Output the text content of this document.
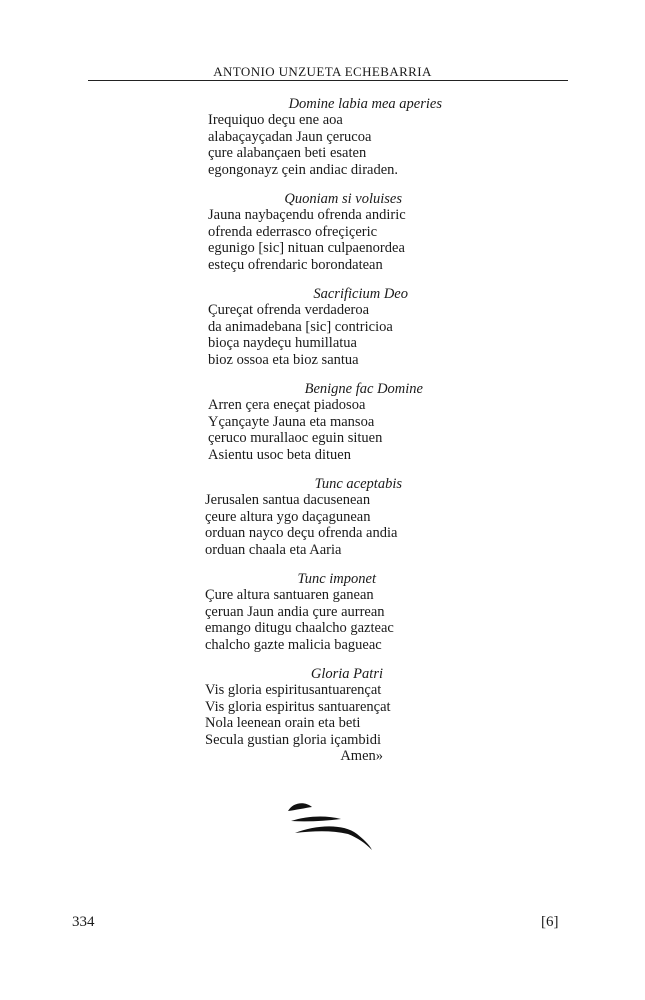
ANTONIO UNZUETA ECHEBARRIA
Domine labia mea aperies
Irequiquo deçu ene aoa
alabaçayçadan Jaun çerucoa
çure alabançaen beti esaten
egongonayz çein andiac diraden.
Quoniam si voluises
Jauna naybaçendu ofrenda andiric
ofrenda ederrasco ofreçiçeric
egunigo [sic] nituan culpaenordea
esteçu ofrendaric borondatean
Sacrificium Deo
Çureçat ofrenda verdaderoa
da animadebana [sic] contricioa
bioça naydeçu humillatua
bioz ossoa eta bioz santua
Benigne fac Domine
Arren çera eneçat piadosoa
Yçançayte Jauna eta mansoa
çeruco murallaoc eguin situen
Asientu usoc beta dituen
Tunc aceptabis
Jerusalen santua dacusenean
çeure altura ygo daçagunean
orduan nayco deçu ofrenda andia
orduan chaala eta Aaria
Tunc imponet
Çure altura santuaren ganean
çeruan Jaun andia çure aurrean
emango ditugu chaalcho gazteac
chalcho gazte malicia bagueac
Gloria Patri
Vis gloria espiritusantuarençat
Vis gloria espiritus santuarençat
Nola leenean orain eta beti
Secula gustian gloria içambidi
Amen»
334	[6]
